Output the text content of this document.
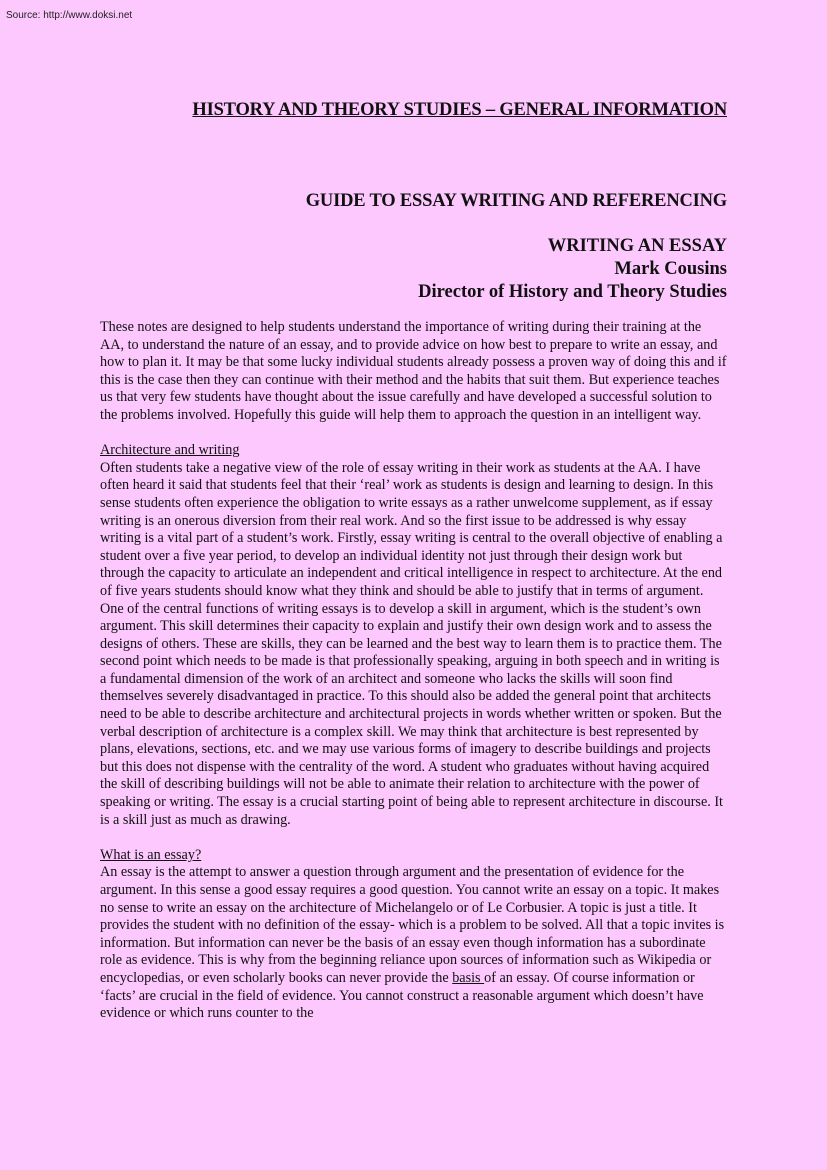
Source: http://www.doksi.net

HISTORY AND THEORY STUDIES – GENERAL INFORMATION
GUIDE TO ESSAY WRITING AND REFERENCING
WRITING AN ESSAY
Mark Cousins
Director of History and Theory Studies

These notes are designed to help students understand the importance of writing during their training at the AA, to understand the nature of an essay, and to provide advice on how best to prepare to write an essay, and how to plan it. It may be that some lucky individual students already possess a proven way of doing this and if this is the case then they can continue with their method and the habits that suit them. But experience teaches us that very few students have thought about the issue carefully and have developed a successful solution to the problems involved. Hopefully this guide will help them to approach the question in an intelligent way.

Architecture and writing

Often students take a negative view of the role of essay writing in their work as students at the AA. I have often heard it said that students feel that their ‘real’ work as students is design and learning to design. In this sense students often experience the obligation to write essays as a rather unwelcome supplement, as if essay writing is an onerous diversion from their real work. And so the first issue to be addressed is why essay writing is a vital part of a student’s work. Firstly, essay writing is central to the overall objective of enabling a student over a five year period, to develop an individual identity not just through their design work but through the capacity to articulate an independent and critical intelligence in respect to architecture. At the end of five years students should know what they think and should be able to justify that in terms of argument. One of the central functions of writing essays is to develop a skill in argument, which is the student’s own argument. This skill determines their capacity to explain and justify their own design work and to assess the designs of others. These are skills, they can be learned and the best way to learn them is to practice them. The second point which needs to be made is that professionally speaking, arguing in both speech and in writing is a fundamental dimension of the work of an architect and someone who lacks the skills will soon find themselves severely disadvantaged in practice. To this should also be added the general point that architects need to be able to describe architecture and architectural projects in words whether written or spoken. But the verbal description of architecture is a complex skill. We may think that architecture is best represented by plans, elevations, sections, etc. and we may use various forms of imagery to describe buildings and projects but this does not dispense with the centrality of the word. A student who graduates without having acquired the skill of describing buildings will not be able to animate their relation to architecture with the power of speaking or writing. The essay is a crucial starting point of being able to represent architecture in discourse. It is a skill just as much as drawing.

What is an essay?

An essay is the attempt to answer a question through argument and the presentation of evidence for the argument. In this sense a good essay requires a good question. You cannot write an essay on a topic. It makes no sense to write an essay on the architecture of Michelangelo or of Le Corbusier. A topic is just a title. It provides the student with no definition of the essay- which is a problem to be solved. All that a topic invites is information. But information can never be the basis of an essay even though information has a subordinate role as evidence. This is why from the beginning reliance upon sources of information such as Wikipedia or encyclopedias, or even scholarly books can never provide the basis of an essay. Of course information or ‘facts’ are crucial in the field of evidence. You cannot construct a reasonable argument which doesn’t have evidence or which runs counter to the
